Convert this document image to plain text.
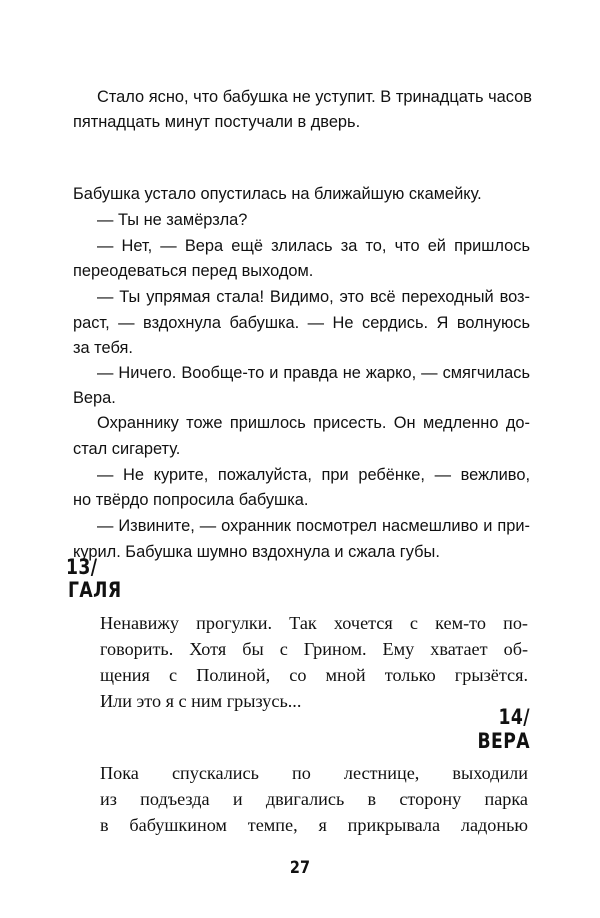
Стало ясно, что бабушка не уступит. В тринадцать часов
пятнадцать минут постучали в дверь.
Бабушка устало опустилась на ближайшую скамейку.
— Ты не замёрзла?
— Нет, — Вера ещё злилась за то, что ей пришлось
переодеваться перед выходом.
— Ты упрямая стала! Видимо, это всё переходный воз-
раст, — вздохнула бабушка. — Не сердись. Я волнуюсь
за тебя.
— Ничего. Вообще-то и правда не жарко, — смягчилась
Вера.
Охраннику тоже пришлось присесть. Он медленно до-
стал сигарету.
— Не курите, пожалуйста, при ребёнке, — вежливо,
но твёрдо попросила бабушка.
— Извините, — охранник посмотрел насмешливо и при-
курил. Бабушка шумно вздохнула и сжала губы.
13/
ГАЛЯ
Ненавижу прогулки. Так хочется с кем-то по-
говорить. Хотя бы с Грином. Ему хватает об-
щения с Полиной, со мной только грызётся.
Или это я с ним грызусь...
14/
ВЕРА
Пока спускались по лестнице, выходили
из подъезда и двигались в сторону парка
в бабушкином темпе, я прикрывала ладонью
27
